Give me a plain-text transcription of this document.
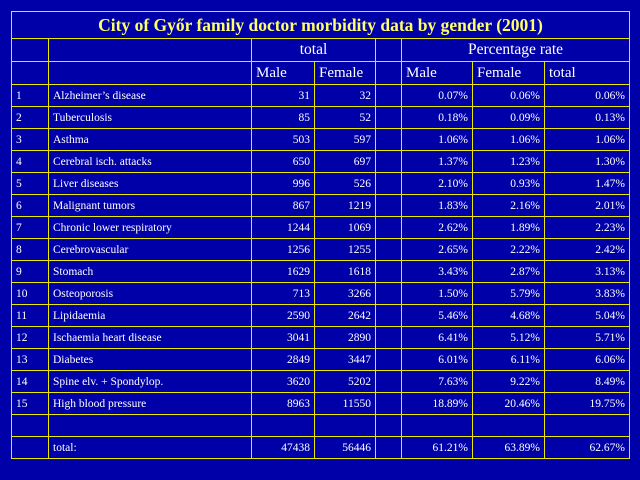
City of Győr family doctor morbidity data by gender (2001)							
		total			Percentage rate		
		Male	Female		Male	Female	total
1	Alzheimer’s disease	31	32		0.07%	0.06%	0.06%
2	Tuberculosis	85	52		0.18%	0.09%	0.13%
3	Asthma	503	597		1.06%	1.06%	1.06%
4	Cerebral isch. attacks	650	697		1.37%	1.23%	1.30%
5	Liver diseases	996	526		2.10%	0.93%	1.47%
6	Malignant tumors	867	1219		1.83%	2.16%	2.01%
7	Chronic lower respiratory	1244	1069		2.62%	1.89%	2.23%
8	Cerebrovascular	1256	1255		2.65%	2.22%	2.42%
9	Stomach	1629	1618		3.43%	2.87%	3.13%
10	Osteoporosis	713	3266		1.50%	5.79%	3.83%
11	Lipidaemia	2590	2642		5.46%	4.68%	5.04%
12	Ischaemia heart disease	3041	2890		6.41%	5.12%	5.71%
13	Diabetes	2849	3447		6.01%	6.11%	6.06%
14	Spine elv. + Spondylop.	3620	5202		7.63%	9.22%	8.49%
15	High blood pressure	8963	11550		18.89%	20.46%	19.75%

	total:	47438	56446		61.21%	63.89%	62.67%
